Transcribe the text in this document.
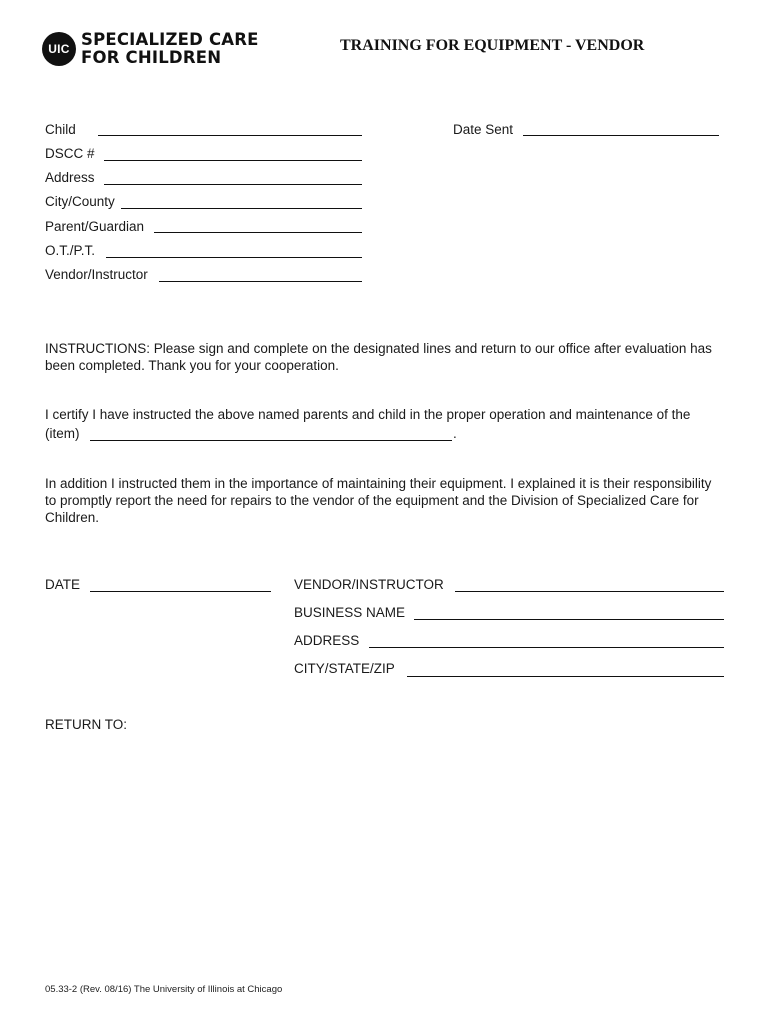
UIC SPECIALIZED CARE
FOR CHILDREN
TRAINING FOR EQUIPMENT - VENDOR
Child	Date Sent
DSCC #
Address
City/County
Parent/Guardian
O.T./P.T.
Vendor/Instructor
INSTRUCTIONS: Please sign and complete on the designated lines and return to our office after evaluation has been completed. Thank you for your cooperation.
I certify I have instructed the above named parents and child in the proper operation and maintenance of the
(item)	.
In addition I instructed them in the importance of maintaining their equipment. I explained it is their responsibility to promptly report the need for repairs to the vendor of the equipment and the Division of Specialized Care for Children.
DATE	VENDOR/INSTRUCTOR
BUSINESS NAME
ADDRESS
CITY/STATE/ZIP
RETURN TO:
05.33-2 (Rev. 08/16) The University of Illinois at Chicago
